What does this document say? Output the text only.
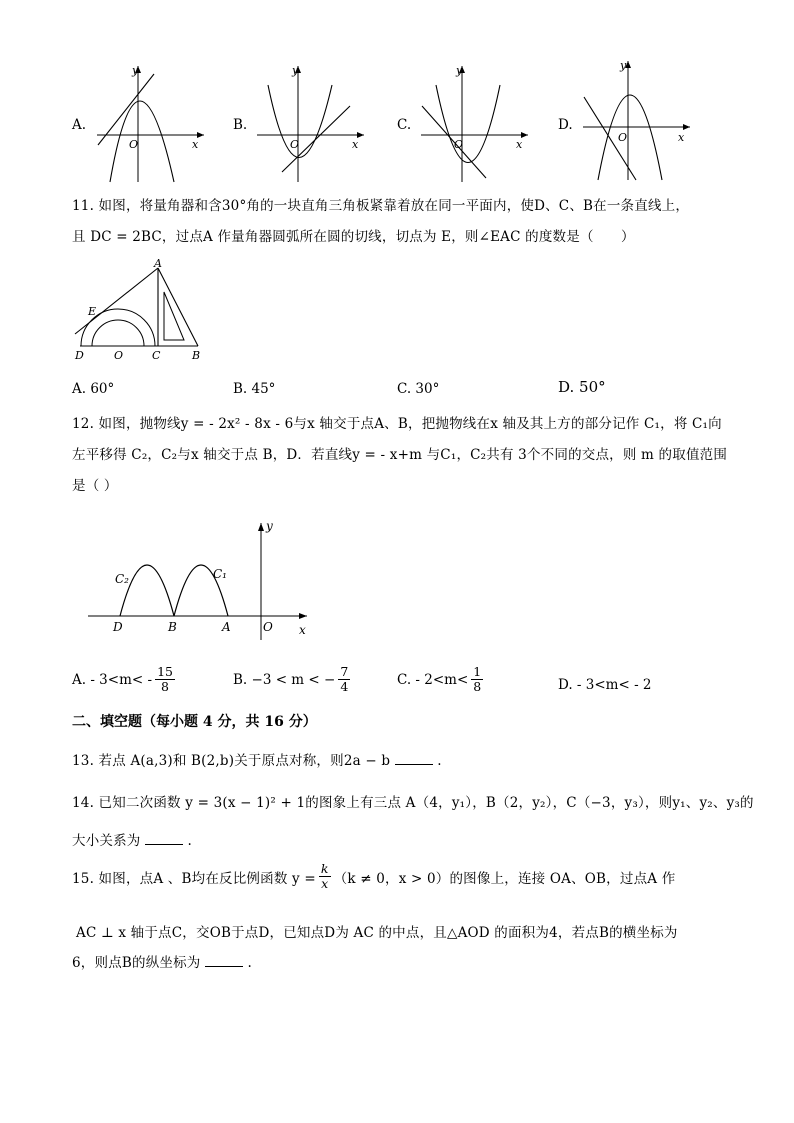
A.
y
x
O
B.
y
x
O
C.
y
x
O
D.
y
x
O
11. 如图，将量角器和含30°角的一块直角三角板紧靠着放在同一平面内，使D、C、B在一条直线上，
且 DC = 2BC，过点A 作量角器圆弧所在圆的切线，切点为 E，则∠EAC 的度数是（　　）
A
E
D	O	C	B
A. 60°	B. 45°	C. 30°	D. 50°
12. 如图，抛物线y = - 2x² - 8x - 6与x 轴交于点A、B，把抛物线在x 轴及其上方的部分记作 C₁，将 C₁向
左平移得 C₂，C₂与x 轴交于点 B，D．若直线y = - x+m 与C₁，C₂共有 3个不同的交点，则 m 的取值范围
是（ ）
y
x
C₂	C₁
D	B	A	O
A. - $3<m< - \frac{15}{8}$	B. −3 < m < − $\frac{7}{4}$	C. - $2<m< \frac{1}{8}$	D. - 3<m< - 2
二、填空题（每小题 4 分，共 16 分）
13. 若点 A(a,3)和 B(2,b)关于原点对称，则2a − b	.
14. 已知二次函数 y = 3(x − 1)² + 1的图象上有三点 A（4，y₁），B（2，y₂），C（−3，y₃），则y₁、y₂、y₃的
大小关系为	.
15. 如图，点A 、B均在反比例函数 $y = \frac{k}{x} (k \ne 0$，x > 0）的图像上，连接 OA、OB，过点A 作
AC ⊥ x 轴于点C，交OB于点D，已知点D为 AC 的中点，且△AOD 的面积为4，若点B的横坐标为
6，则点B的纵坐标为	.
